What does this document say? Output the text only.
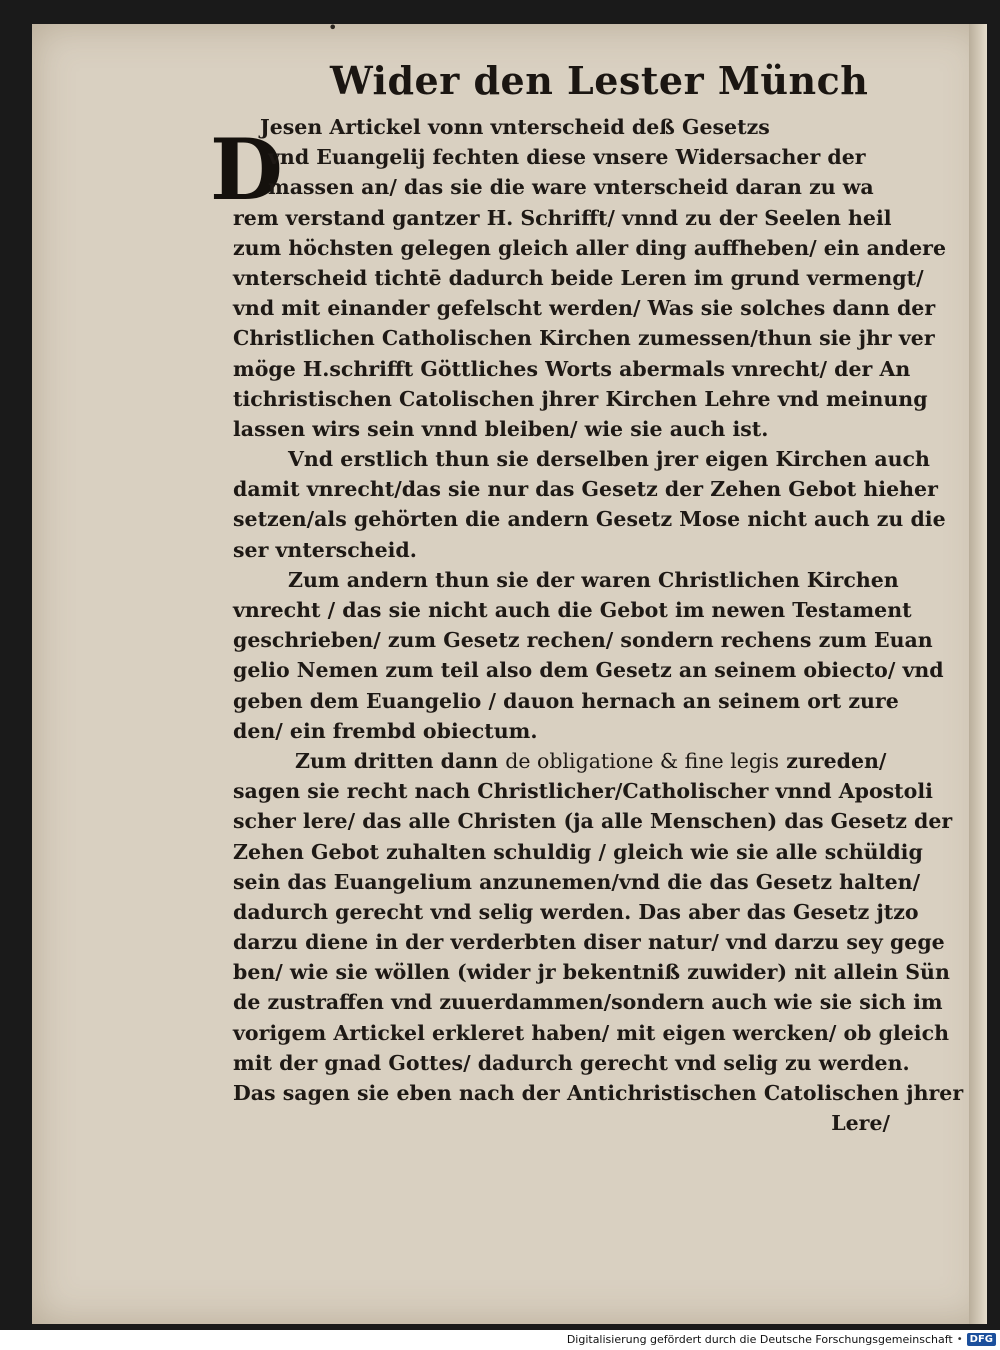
•
Wider den Lester Münch
D
Jesen Artickel vonn vnterscheid deß Gesetzs
vnd Euangelij fechten diese vnsere Widersacher der
massen an/ das sie die ware vnterscheid daran zu wa
rem verstand gantzer H. Schrifft/ vnnd zu der Seelen heil
zum höchsten gelegen gleich aller ding auffheben/ ein andere
vnterscheid tichtē dadurch beide Leren im grund vermengt/
vnd mit einander gefelscht werden/ Was sie solches dann der
Christlichen Catholischen Kirchen zumessen/thun sie jhr ver
möge H.schrifft Göttliches Worts abermals vnrecht/ der An
tichristischen Catolischen jhrer Kirchen Lehre vnd meinung
lassen wirs sein vnnd bleiben/ wie sie auch ist.
Vnd erstlich thun sie derselben jrer eigen Kirchen auch
damit vnrecht/das sie nur das Gesetz der Zehen Gebot hieher
setzen/als gehörten die andern Gesetz Mose nicht auch zu die
ser vnterscheid.
Zum andern thun sie der waren Christlichen Kirchen
vnrecht / das sie nicht auch die Gebot im newen Testament
geschrieben/ zum Gesetz rechen/ sondern rechens zum Euan
gelio Nemen zum teil also dem Gesetz an seinem obiecto/ vnd
geben dem Euangelio / dauon hernach an seinem ort zure
den/ ein frembd obiectum.
Zum dritten dann de obligatione & fine legis zureden/
sagen sie recht nach Christlicher/Catholischer vnnd Apostoli
scher lere/ das alle Christen (ja alle Menschen) das Gesetz der
Zehen Gebot zuhalten schuldig / gleich wie sie alle schüldig
sein das Euangelium anzunemen/vnd die das Gesetz halten/
dadurch gerecht vnd selig werden. Das aber das Gesetz jtzo
darzu diene in der verderbten diser natur/ vnd darzu sey gege
ben/ wie sie wöllen (wider jr bekentniß zuwider) nit allein Sün
de zustraffen vnd zuuerdammen/sondern auch wie sie sich im
vorigem Artickel erkleret haben/ mit eigen wercken/ ob gleich
mit der gnad Gottes/ dadurch gerecht vnd selig zu werden.
Das sagen sie eben nach der Antichristischen Catolischen jhrer
Lere/
Digitalisierung gefördert durch die Deutsche Forschungsgemeinschaft • DFG
